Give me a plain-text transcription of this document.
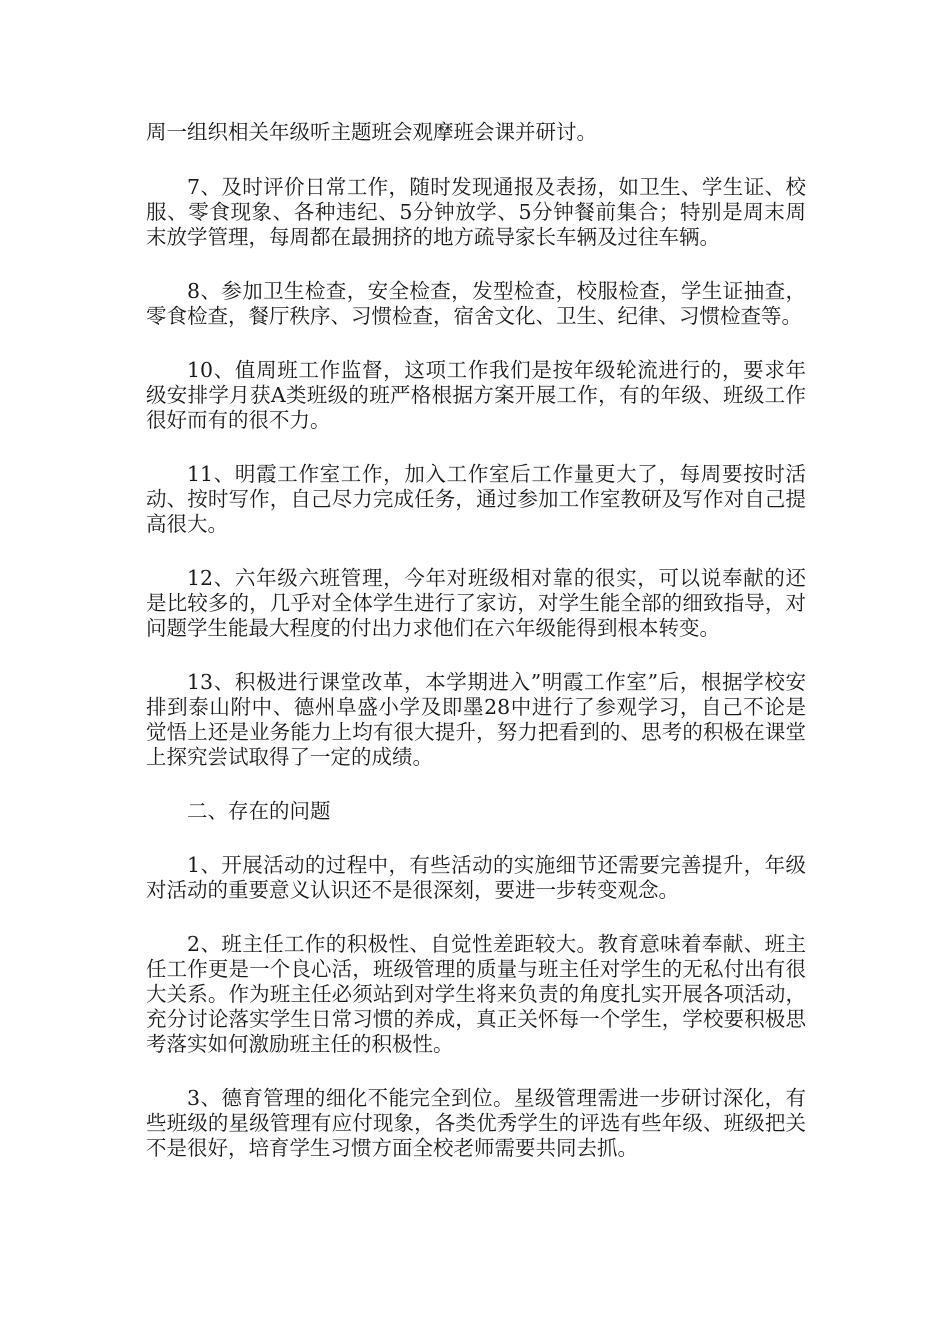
周一组织相关年级听主题班会观摩班会课并研讨。

7、及时评价日常工作，随时发现通报及表扬，如卫生、学生证、校服、零食现象、各种违纪、5分钟放学、5分钟餐前集合；特别是周末周末放学管理，每周都在最拥挤的地方疏导家长车辆及过往车辆。

8、参加卫生检查，安全检查，发型检查，校服检查，学生证抽查，零食检查，餐厅秩序、习惯检查，宿舍文化、卫生、纪律、习惯检查等。

10、值周班工作监督，这项工作我们是按年级轮流进行的，要求年级安排学月获A类班级的班严格根据方案开展工作，有的年级、班级工作很好而有的很不力。

11、明霞工作室工作，加入工作室后工作量更大了，每周要按时活动、按时写作，自己尽力完成任务，通过参加工作室教研及写作对自己提高很大。

12、六年级六班管理，今年对班级相对靠的很实，可以说奉献的还是比较多的，几乎对全体学生进行了家访，对学生能全部的细致指导，对问题学生能最大程度的付出力求他们在六年级能得到根本转变。

13、积极进行课堂改革，本学期进入”明霞工作室”后，根据学校安排到泰山附中、德州阜盛小学及即墨28中进行了参观学习，自己不论是觉悟上还是业务能力上均有很大提升，努力把看到的、思考的积极在课堂上探究尝试取得了一定的成绩。

二、存在的问题

1、开展活动的过程中，有些活动的实施细节还需要完善提升，年级对活动的重要意义认识还不是很深刻，要进一步转变观念。

2、班主任工作的积极性、自觉性差距较大。教育意味着奉献、班主任工作更是一个良心活，班级管理的质量与班主任对学生的无私付出有很大关系。作为班主任必须站到对学生将来负责的角度扎实开展各项活动，充分讨论落实学生日常习惯的养成，真正关怀每一个学生，学校要积极思考落实如何激励班主任的积极性。

3、德育管理的细化不能完全到位。星级管理需进一步研讨深化，有些班级的星级管理有应付现象，各类优秀学生的评选有些年级、班级把关不是很好，培育学生习惯方面全校老师需要共同去抓。
